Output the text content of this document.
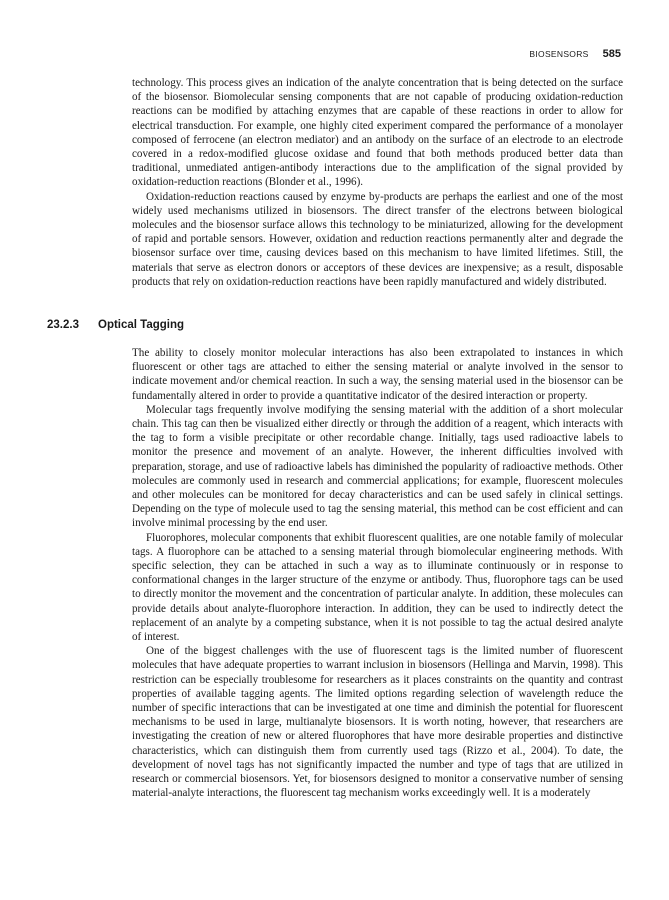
BIOSENSORS 585

technology. This process gives an indication of the analyte concentration that is being detected on the surface of the biosensor. Biomolecular sensing components that are not capable of producing oxidation-reduction reactions can be modified by attaching enzymes that are capable of these reactions in order to allow for electrical transduction. For example, one highly cited experiment compared the performance of a monolayer composed of ferrocene (an electron mediator) and an antibody on the surface of an electrode to an electrode covered in a redox-modified glucose oxidase and found that both methods produced better data than traditional, unmediated antigen-antibody interactions due to the amplification of the signal provided by oxidation-reduction reactions (Blonder et al., 1996).

Oxidation-reduction reactions caused by enzyme by-products are perhaps the earliest and one of the most widely used mechanisms utilized in biosensors. The direct transfer of the electrons between biological molecules and the biosensor surface allows this technology to be miniaturized, allowing for the development of rapid and portable sensors. However, oxidation and reduction reactions permanently alter and degrade the biosensor surface over time, causing devices based on this mechanism to have limited lifetimes. Still, the materials that serve as electron donors or acceptors of these devices are inexpensive; as a result, disposable products that rely on oxidation-reduction reactions have been rapidly manufactured and widely distributed.

23.2.3 Optical Tagging

The ability to closely monitor molecular interactions has also been extrapolated to instances in which fluorescent or other tags are attached to either the sensing material or analyte involved in the sensor to indicate movement and/or chemical reaction. In such a way, the sensing material used in the biosensor can be fundamentally altered in order to provide a quantitative indicator of the desired interaction or property.

Molecular tags frequently involve modifying the sensing material with the addition of a short molecular chain. This tag can then be visualized either directly or through the addition of a reagent, which interacts with the tag to form a visible precipitate or other recordable change. Initially, tags used radioactive labels to monitor the presence and movement of an analyte. However, the inherent difficulties involved with preparation, storage, and use of radioactive labels has diminished the popularity of radioactive methods. Other molecules are commonly used in research and commercial applications; for example, fluorescent molecules and other molecules can be monitored for decay characteristics and can be used safely in clinical settings. Depending on the type of molecule used to tag the sensing material, this method can be cost efficient and can involve minimal processing by the end user.

Fluorophores, molecular components that exhibit fluorescent qualities, are one notable family of molecular tags. A fluorophore can be attached to a sensing material through biomolecular engineering methods. With specific selection, they can be attached in such a way as to illuminate continuously or in response to conformational changes in the larger structure of the enzyme or antibody. Thus, fluorophore tags can be used to directly monitor the movement and the concentration of particular analyte. In addition, these molecules can provide details about analyte-fluorophore interaction. In addition, they can be used to indirectly detect the replacement of an analyte by a competing substance, when it is not possible to tag the actual desired analyte of interest.

One of the biggest challenges with the use of fluorescent tags is the limited number of fluorescent molecules that have adequate properties to warrant inclusion in biosensors (Hellinga and Marvin, 1998). This restriction can be especially troublesome for researchers as it places constraints on the quantity and contrast properties of available tagging agents. The limited options regarding selection of wavelength reduce the number of specific interactions that can be investigated at one time and diminish the potential for fluorescent mechanisms to be used in large, multianalyte biosensors. It is worth noting, however, that researchers are investigating the creation of new or altered fluorophores that have more desirable properties and distinctive characteristics, which can distinguish them from currently used tags (Rizzo et al., 2004). To date, the development of novel tags has not significantly impacted the number and type of tags that are utilized in research or commercial biosensors. Yet, for biosensors designed to monitor a conservative number of sensing material-analyte interactions, the fluorescent tag mechanism works exceedingly well. It is a moderately
